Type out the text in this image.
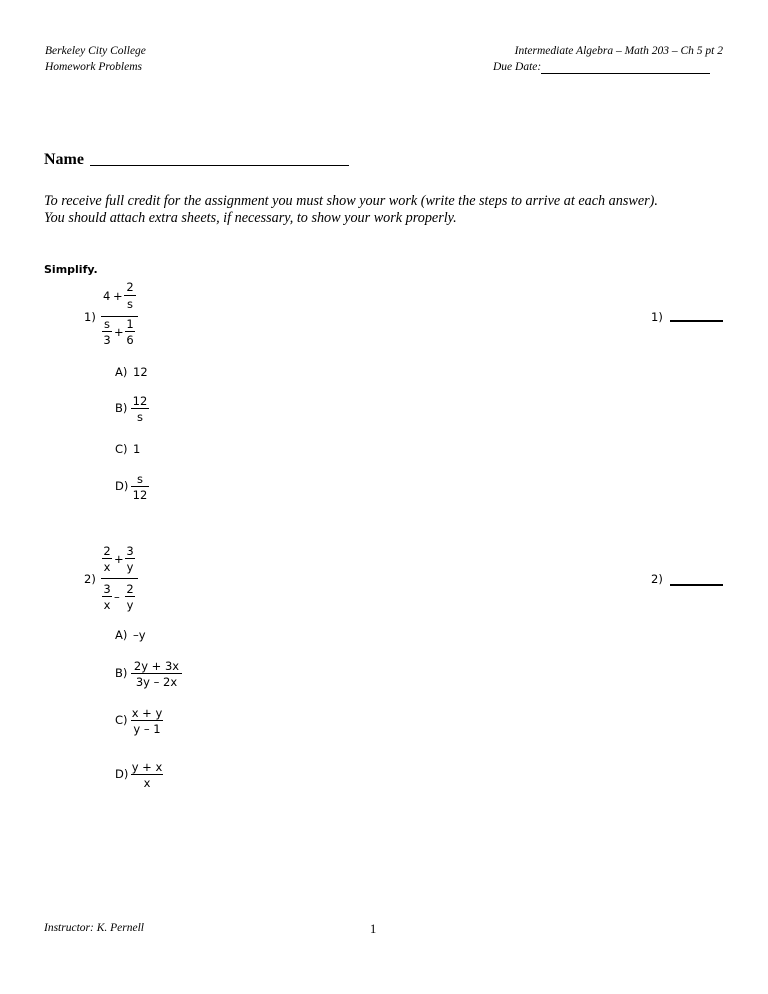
Berkeley City College
Homework Problems
Intermediate Algebra – Math 203 – Ch 5 pt 2
Due Date:
Name
To receive full credit for the assignment you must show your work (write the steps to arrive at each answer).
You should attach extra sheets, if necessary, to show your work properly.
Simplify.
1)
4 +
2
s
s
3
+
1
6
1)
A) 12
B) 12
s
C) 1
D) s
12
2)
2
x
+
3
y
3
x
–
2
y
2)
A) –y
B) 2y + 3x
3y – 2x
C) x + y
y – 1
D) y + x
x
Instructor: K. Pernell	1
